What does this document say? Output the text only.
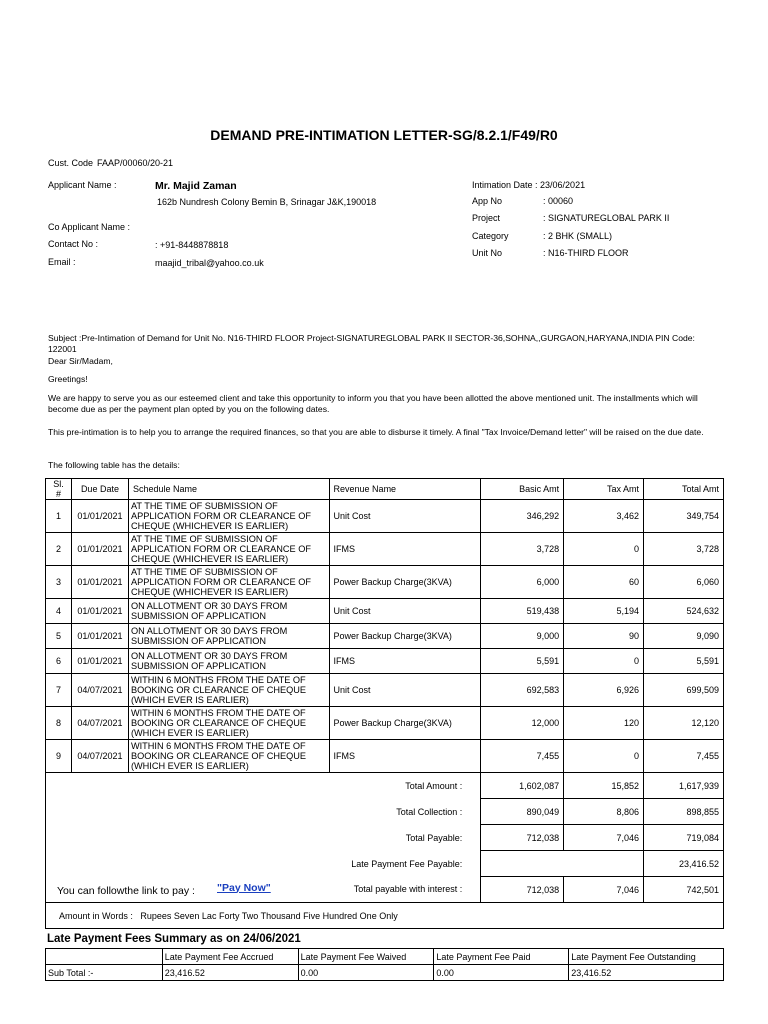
DEMAND PRE-INTIMATION LETTER-SG/8.2.1/F49/R0
Cust. Code FAAP/00060/20-21
Applicant Name :	Mr. Majid Zaman
162b Nundresh Colony Bemin B, Srinagar J&K,190018
Co Applicant Name :
Contact No :	: +91-8448878818
Email :	maajid_tribal@yahoo.co.uk
Intimation Date : 23/06/2021
App No	: 00060
Project	: SIGNATUREGLOBAL PARK II
Category	: 2 BHK (SMALL)
Unit No	: N16-THIRD FLOOR
Subject :Pre-Intimation of Demand for Unit No. N16-THIRD FLOOR Project-SIGNATUREGLOBAL PARK II SECTOR-36,SOHNA,,GURGAON,HARYANA,INDIA PIN Code: 122001
Dear Sir/Madam,
Greetings!
We are happy to serve you as our esteemed client and take this opportunity to inform you that you have been allotted the above mentioned unit. The installments which will become due as per the payment plan opted by you on the following dates.
This pre-intimation is to help you to arrange the required finances, so that you are able to disburse it timely. A final "Tax Invoice/Demand letter" will be raised on the due date.
The following table has the details:
Sl. #	Due Date	Schedule Name	Revenue Name	Basic Amt	Tax Amt	Total Amt
1	01/01/2021	AT THE TIME OF SUBMISSION OF APPLICATION FORM OR CLEARANCE OF CHEQUE (WHICHEVER IS EARLIER)	Unit Cost	346,292	3,462	349,754
2	01/01/2021	AT THE TIME OF SUBMISSION OF APPLICATION FORM OR CLEARANCE OF CHEQUE (WHICHEVER IS EARLIER)	IFMS	3,728	0	3,728
3	01/01/2021	AT THE TIME OF SUBMISSION OF APPLICATION FORM OR CLEARANCE OF CHEQUE (WHICHEVER IS EARLIER)	Power Backup Charge(3KVA)	6,000	60	6,060
4	01/01/2021	ON ALLOTMENT OR 30 DAYS FROM SUBMISSION OF APPLICATION	Unit Cost	519,438	5,194	524,632
5	01/01/2021	ON ALLOTMENT OR 30 DAYS FROM SUBMISSION OF APPLICATION	Power Backup Charge(3KVA)	9,000	90	9,090
6	01/01/2021	ON ALLOTMENT OR 30 DAYS FROM SUBMISSION OF APPLICATION	IFMS	5,591	0	5,591
7	04/07/2021	WITHIN 6 MONTHS FROM THE DATE OF BOOKING OR CLEARANCE OF CHEQUE (WHICH EVER IS EARLIER)	Unit Cost	692,583	6,926	699,509
8	04/07/2021	WITHIN 6 MONTHS FROM THE DATE OF BOOKING OR CLEARANCE OF CHEQUE (WHICH EVER IS EARLIER)	Power Backup Charge(3KVA)	12,000	120	12,120
9	04/07/2021	WITHIN 6 MONTHS FROM THE DATE OF BOOKING OR CLEARANCE OF CHEQUE (WHICH EVER IS EARLIER)	IFMS	7,455	0	7,455
Total Amount :				1,602,087	15,852	1,617,939
Total Collection :				890,049	8,806	898,855
Total Payable:				712,038	7,046	719,084
Late Payment Fee Payable:						23,416.52

You can followthe link to pay : "Pay Now" Total payable with interest :				712,038	7,046	742,501
Amount in Words : Rupees Seven Lac Forty Two Thousand Five Hundred One Only						
Late Payment Fees Summary as on 24/06/2021
	Late Payment Fee Accrued	Late Payment Fee Waived	Late Payment Fee Paid	Late Payment Fee Outstanding
Sub Total :-	23,416.52	0.00	0.00	23,416.52
